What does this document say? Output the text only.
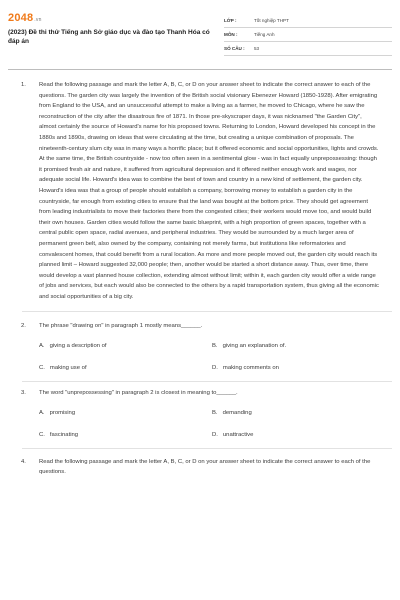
2048.vn
(2023) Đề thi thử Tiếng anh Sở giáo dục và đào tạo Thanh Hóa có đáp án
LỚP :	Tốt nghiệp THPT
MÔN :	Tiếng Anh
SỐ CÂU :	53
1. Read the following passage and mark the letter A, B, C, or D on your answer sheet to indicate the correct answer to each of the questions. The garden city was largely the invention of the British social visionary Ebenezer Howard (1850-1928). After emigrating from England to the USA, and an unsuccessful attempt to make a living as a farmer, he moved to Chicago, where he saw the reconstruction of the city after the disastrous fire of 1871. In those pre-skyscraper days, it was nicknamed "the Garden City", almost certainly the source of Howard's name for his proposed towns. Returning to London, Howard developed his concept in the 1880s and 1890s, drawing on ideas that were circulating at the time, but creating a unique combination of proposals. The nineteenth-century slum city was in many ways a horrific place; but it offered economic and social opportunities, lights and crowds. At the same time, the British countryside - now too often seen in a sentimental glow - was in fact equally unprepossessing: though it promised fresh air and nature, it suffered from agricultural depression and it offered neither enough work and wages, nor adequate social life. Howard's idea was to combine the best of town and country in a new kind of settlement, the garden city. Howard's idea was that a group of people should establish a company, borrowing money to establish a garden city in the countryside, far enough from existing cities to ensure that the land was bought at the bottom price. They should get agreement from leading industrialists to move their factories there from the congested cities; their workers would move too, and would build their own houses. Garden cities would follow the same basic blueprint, with a high proportion of green spaces, together with a central public open space, radial avenues, and peripheral industries. They would be surrounded by a much larger area of permanent green belt, also owned by the company, containing not merely farms, but institutions like reformatories and convalescent homes, that could benefit from a rural location. As more and more people moved out, the garden city would reach its planned limit – Howard suggested 32,000 people; then, another would be started a short distance away. Thus, over time, there would develop a vast planned house collection, extending almost without limit; within it, each garden city would offer a wide range of jobs and services, but each would also be connected to the others by a rapid transportation system, thus giving all the economic and social opportunities of a big city.
2. The phrase "drawing on" in paragraph 1 mostly means______.
A. giving a description of	B. giving an explanation of.
C. making use of	D. making comments on
3. The word "unprepossessing" in paragraph 2 is closest in meaning to______.
A. promising	B. demanding
C. fascinating	D. unattractive
4. Read the following passage and mark the letter A, B, C, or D on your answer sheet to indicate the correct answer to each of the questions.
